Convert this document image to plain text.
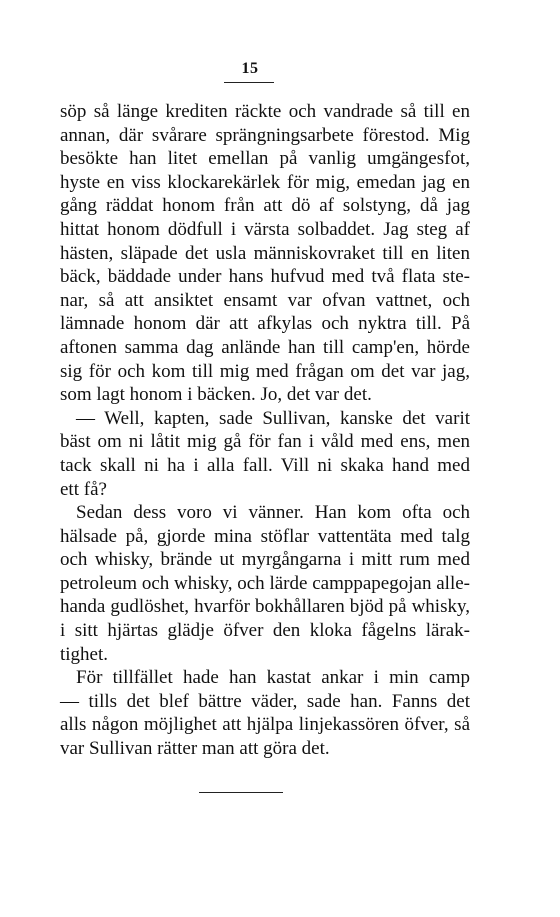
15
söp så länge krediten räckte och vandrade så till en
annan, där svårare sprängningsarbete förestod. Mig
besökte han litet emellan på vanlig umgängesfot,
hyste en viss klockarekärlek för mig, emedan jag en
gång räddat honom från att dö af solstyng, då jag
hittat honom dödfull i värsta solbaddet. Jag steg af
hästen, släpade det usla människovraket till en liten
bäck, bäddade under hans hufvud med två flata ste-
nar, så att ansiktet ensamt var ofvan vattnet, och
lämnade honom där att afkylas och nyktra till. På
aftonen samma dag anlände han till camp'en, hörde
sig för och kom till mig med frågan om det var jag,
som lagt honom i bäcken. Jo, det var det.
— Well, kapten, sade Sullivan, kanske det varit
bäst om ni låtit mig gå för fan i våld med ens, men
tack skall ni ha i alla fall. Vill ni skaka hand med
ett få?
Sedan dess voro vi vänner. Han kom ofta och
hälsade på, gjorde mina stöflar vattentäta med talg
och whisky, brände ut myrgångarna i mitt rum med
petroleum och whisky, och lärde camppapegojan alle-
handa gudlöshet, hvarför bokhållaren bjöd på whisky,
i sitt hjärtas glädje öfver den kloka fågelns lärak-
tighet.
För tillfället hade han kastat ankar i min camp
— tills det blef bättre väder, sade han. Fanns det
alls någon möjlighet att hjälpa linjekassören öfver, så
var Sullivan rätter man att göra det.
